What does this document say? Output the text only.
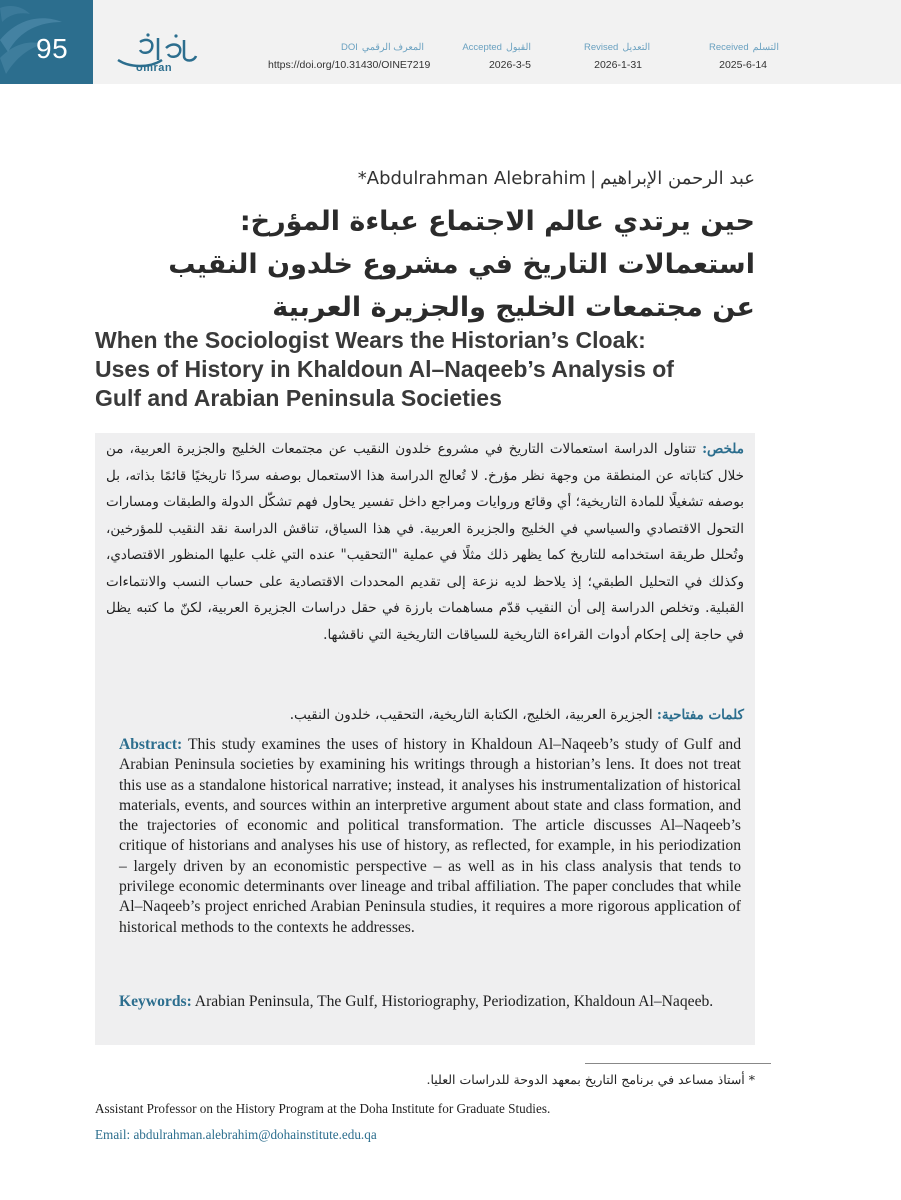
95
omran
Received التسلم
2025-6-14
Revised التعديل
2026-1-31
Accepted القبول
2026-3-5
DOI المعرف الرقمي
https://doi.org/10.31430/OINE7219
*Abdulrahman Alebrahim | عبد الرحمن الإبراهيم
حين يرتدي عالم الاجتماع عباءة المؤرخ:
استعمالات التاريخ في مشروع خلدون النقيب
عن مجتمعات الخليج والجزيرة العربية
When the Sociologist Wears the Historian’s Cloak:
Uses of History in Khaldoun Al–Naqeeb’s Analysis of
Gulf and Arabian Peninsula Societies
ملخص: تتناول الدراسة استعمالات التاريخ في مشروع خلدون النقيب عن مجتمعات الخليج والجزيرة العربية، من خلال كتاباته عن المنطقة من وجهة نظر مؤرخ. لا تُعالج الدراسة هذا الاستعمال بوصفه سردًا تاريخيًا قائمًا بذاته، بل بوصفه تشغيلًا للمادة التاريخية؛ أي وقائع وروايات ومراجع داخل تفسير يحاول فهم تشكّل الدولة والطبقات ومسارات التحول الاقتصادي والسياسي في الخليج والجزيرة العربية. في هذا السياق، تناقش الدراسة نقد النقيب للمؤرخين، وتُحلل طريقة استخدامه للتاريخ كما يظهر ذلك مثلًا في عملية "التحقيب" عنده التي غلب عليها المنظور الاقتصادي، وكذلك في التحليل الطبقي؛ إذ يلاحظ لديه نزعة إلى تقديم المحددات الاقتصادية على حساب النسب والانتماءات القبلية. وتخلص الدراسة إلى أن النقيب قدّم مساهمات بارزة في حقل دراسات الجزيرة العربية، لكنّ ما كتبه يظل في حاجة إلى إحكام أدوات القراءة التاريخية للسياقات التاريخية التي ناقشها.
كلمات مفتاحية: الجزيرة العربية، الخليج، الكتابة التاريخية، التحقيب، خلدون النقيب.
Abstract: This study examines the uses of history in Khaldoun Al–Naqeeb’s study of Gulf and Arabian Peninsula societies by examining his writings through a historian’s lens. It does not treat this use as a standalone historical narrative; instead, it analyses his instrumentalization of historical materials, events, and sources within an interpretive argument about state and class formation, and the trajectories of economic and political transformation. The article discusses Al–Naqeeb’s critique of historians and analyses his use of history, as reflected, for example, in his periodization – largely driven by an economistic perspective – as well as in his class analysis that tends to privilege economic determinants over lineage and tribal affiliation. The paper concludes that while Al–Naqeeb’s project enriched Arabian Peninsula studies, it requires a more rigorous application of historical methods to the contexts he addresses.
Keywords: Arabian Peninsula, The Gulf, Historiography, Periodization, Khaldoun Al–Naqeeb.
* أستاذ مساعد في برنامج التاريخ بمعهد الدوحة للدراسات العليا.
Assistant Professor on the History Program at the Doha Institute for Graduate Studies.
Email: abdulrahman.alebrahim@dohainstitute.edu.qa
